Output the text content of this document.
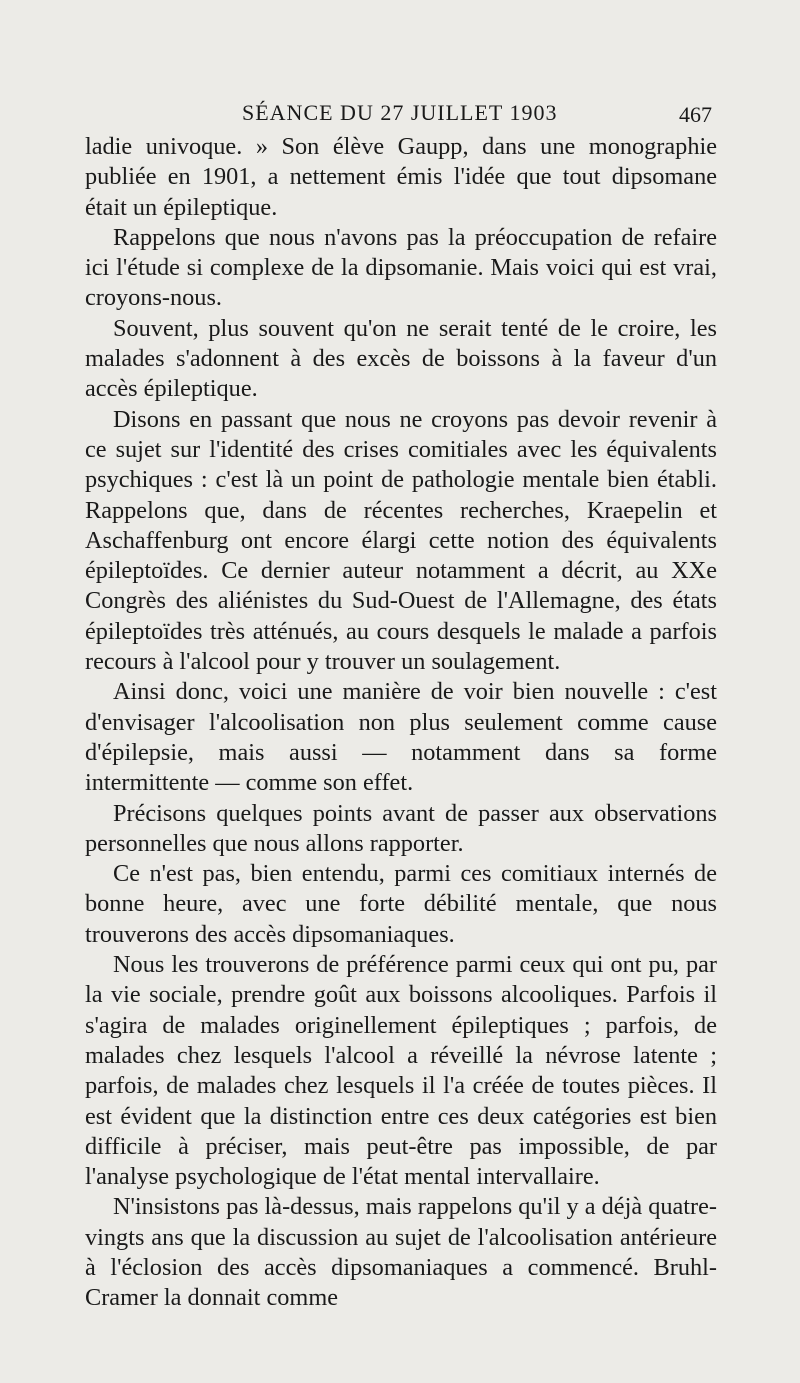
SÉANCE DU 27 JUILLET 1903	467

ladie univoque. » Son élève Gaupp, dans une monographie publiée en 1901, a nettement émis l'idée que tout dipsomane était un épileptique.

Rappelons que nous n'avons pas la préoccupation de refaire ici l'étude si complexe de la dipsomanie. Mais voici qui est vrai, croyons-nous.

Souvent, plus souvent qu'on ne serait tenté de le croire, les malades s'adonnent à des excès de boissons à la faveur d'un accès épileptique.

Disons en passant que nous ne croyons pas devoir revenir à ce sujet sur l'identité des crises comitiales avec les équivalents psychiques : c'est là un point de pathologie mentale bien établi. Rappelons que, dans de récentes recherches, Kraepelin et Aschaffenburg ont encore élargi cette notion des équivalents épileptoïdes. Ce dernier auteur notamment a décrit, au XXe Congrès des aliénistes du Sud-Ouest de l'Allemagne, des états épileptoïdes très atténués, au cours desquels le malade a parfois recours à l'alcool pour y trouver un soulagement.

Ainsi donc, voici une manière de voir bien nouvelle : c'est d'envisager l'alcoolisation non plus seulement comme cause d'épilepsie, mais aussi — notamment dans sa forme intermittente — comme son effet.

Précisons quelques points avant de passer aux observations personnelles que nous allons rapporter.

Ce n'est pas, bien entendu, parmi ces comitiaux internés de bonne heure, avec une forte débilité mentale, que nous trouverons des accès dipsomaniaques.

Nous les trouverons de préférence parmi ceux qui ont pu, par la vie sociale, prendre goût aux boissons alcooliques. Parfois il s'agira de malades originellement épileptiques ; parfois, de malades chez lesquels l'alcool a réveillé la névrose latente ; parfois, de malades chez lesquels il l'a créée de toutes pièces. Il est évident que la distinction entre ces deux catégories est bien difficile à préciser, mais peut-être pas impossible, de par l'analyse psychologique de l'état mental intervallaire.

N'insistons pas là-dessus, mais rappelons qu'il y a déjà quatre-vingts ans que la discussion au sujet de l'alcoolisation antérieure à l'éclosion des accès dipsomaniaques a commencé. Bruhl-Cramer la donnait comme
